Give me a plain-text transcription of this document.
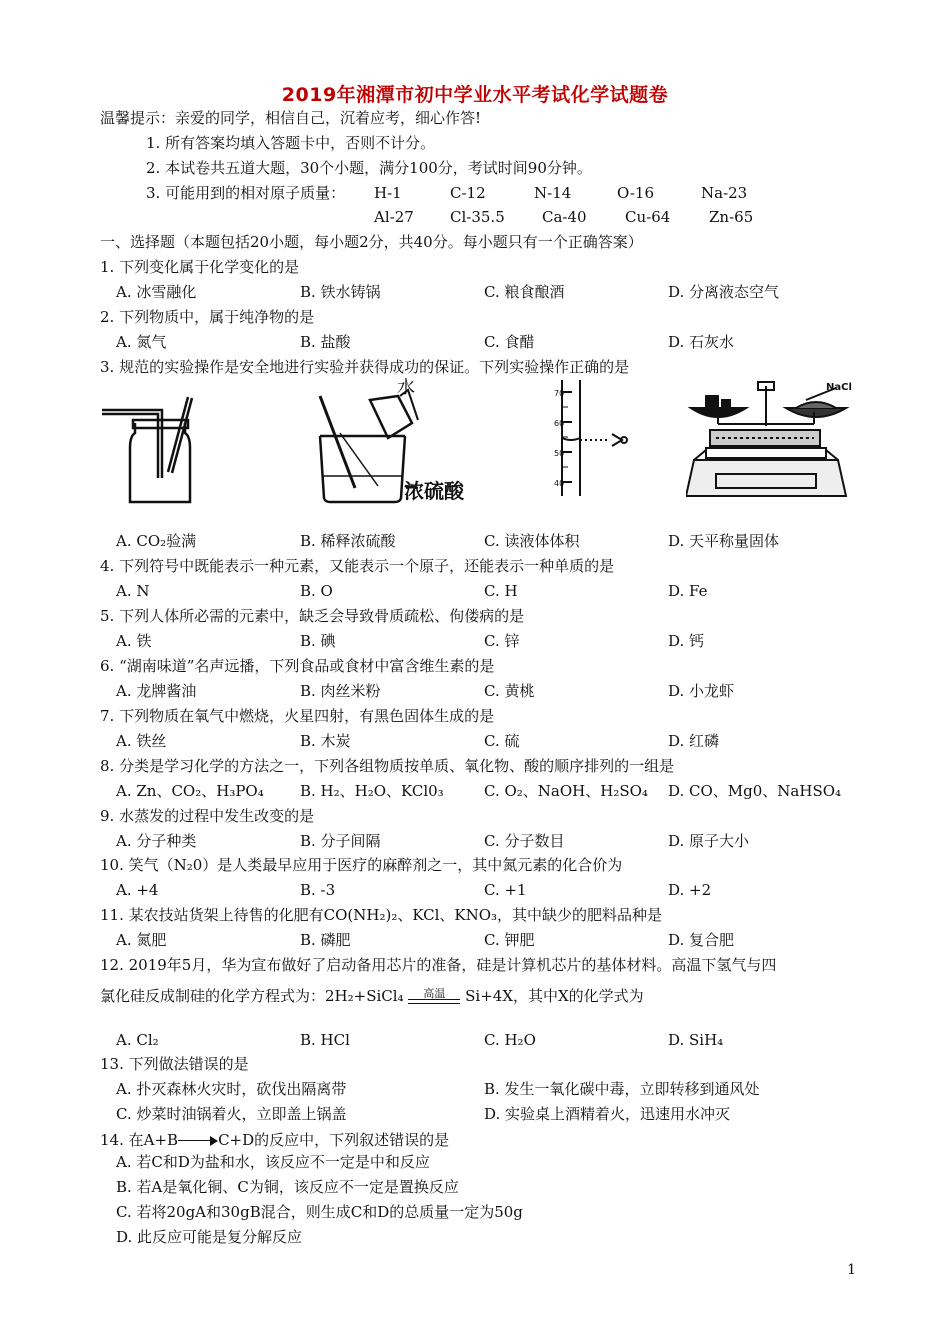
2019年湘潭市初中学业水平考试化学试题卷
温馨提示：亲爱的同学，相信自己，沉着应考，细心作答!
1. 所有答案均填入答题卡中，否则不计分。
2. 本试卷共五道大题，30个小题，满分100分，考试时间90分钟。
3. 可能用到的相对原子质量： H-1	C-12	N-14	O-16	Na-23
Al-27 Cl-35.5 Ca-40	Cu-64	Zn-65
一、选择题（本题包括20小题，每小题2分，共40分。每小题只有一个正确答案）
1. 下列变化属于化学变化的是
A. 冰雪融化	B. 铁水铸锅	C. 粮食酿酒	D. 分离液态空气
2. 下列物质中，属于纯净物的是
A. 氮气	B. 盐酸	C. 食醋	D. 石灰水
3. 规范的实验操作是安全地进行实验并获得成功的保证。下列实验操作正确的是
水
浓硫酸
70
60
50
40
NaCl
A. CO₂验满	B. 稀释浓硫酸	C. 读液体体积	D. 天平称量固体
4. 下列符号中既能表示一种元素，又能表示一个原子，还能表示一种单质的是
A. N	B. O	C. H	D. Fe
5. 下列人体所必需的元素中，缺乏会导致骨质疏松、佝偻病的是
A. 铁	B. 碘	C. 锌	D. 钙
6. “湖南味道”名声远播，下列食品或食材中富含维生素的是
A. 龙牌酱油	B. 肉丝米粉	C. 黄桃	D. 小龙虾
7. 下列物质在氧气中燃烧，火星四射，有黑色固体生成的是
A. 铁丝	B. 木炭	C. 硫	D. 红磷
8. 分类是学习化学的方法之一，下列各组物质按单质、氧化物、酸的顺序排列的一组是
A. Zn、CO₂、H₃PO₄ B. H₂、H₂O、KCl0₃	C. O₂、NaOH、H₂SO₄ D. CO、Mg0、NaHSO₄
9. 水蒸发的过程中发生改变的是
A. 分子种类	B. 分子间隔	C. 分子数目	D. 原子大小
10. 笑气（N₂0）是人类最早应用于医疗的麻醉剂之一，其中氮元素的化合价为
A. +4	B. -3	C. +1	D. +2
11. 某农技站货架上待售的化肥有CO(NH₂)₂、KCl、KNO₃，其中缺少的肥料品种是
A. 氮肥	B. 磷肥	C. 钾肥	D. 复合肥
12. 2019年5月，华为宣布做好了启动备用芯片的准备，硅是计算机芯片的基体材料。高温下氢气与四
氯化硅反成制硅的化学方程式为：2H₂+SiCl₄ $^{高温}$ Si+4X，其中X的化学式为
A. Cl₂	B. HCl	C. H₂O	D. SiH₄
13. 下列做法错误的是
A. 扑灭森林火灾时，砍伐出隔离带	B. 发生一氧化碳中毒，立即转移到通风处
C. 炒菜时油锅着火，立即盖上锅盖	D. 实验桌上酒精着火，迅速用水冲灭
14. 在A+B	C+D的反应中，下列叙述错误的是
A. 若C和D为盐和水，该反应不一定是中和反应
B. 若A是氧化铜、C为铜，该反应不一定是置换反应
C. 若将20gA和30gB混合，则生成C和D的总质量一定为50g
D. 此反应可能是复分解反应
1
